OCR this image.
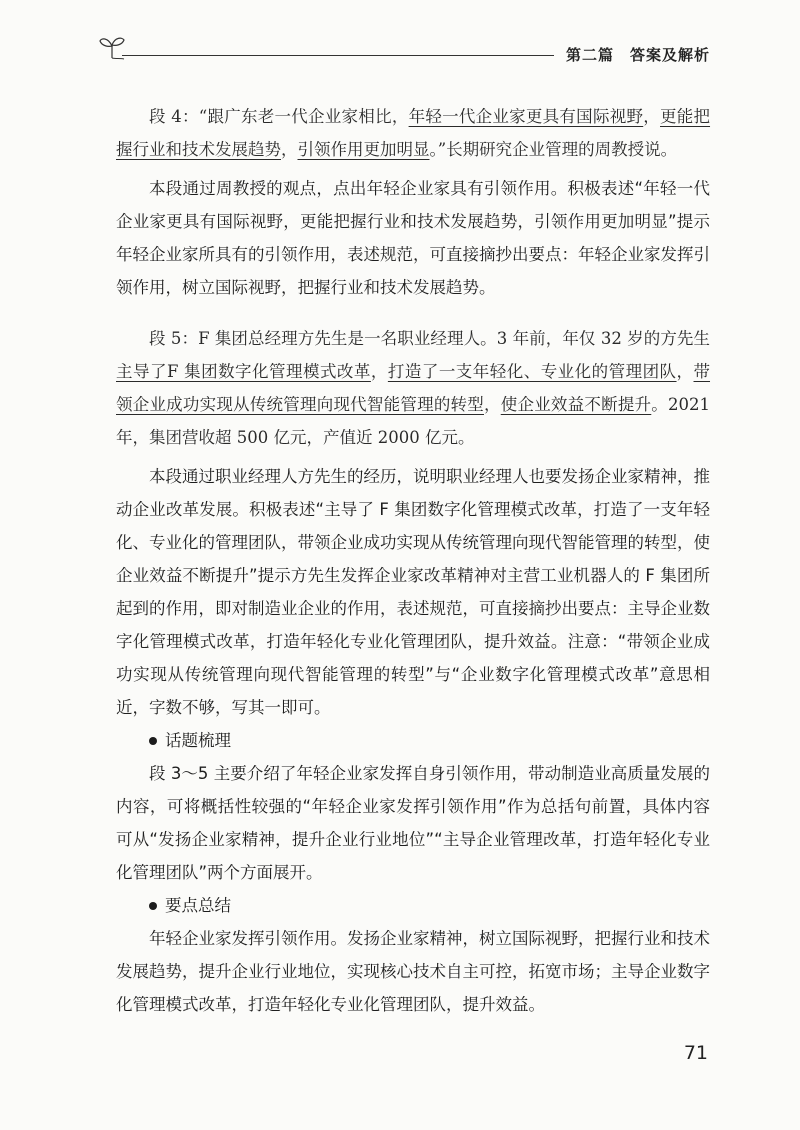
第二篇　答案及解析

段 4：“跟广东老一代企业家相比，年轻一代企业家更具有国际视野，更能把握行业和技术发展趋势，引领作用更加明显。”长期研究企业管理的周教授说。

本段通过周教授的观点，点出年轻企业家具有引领作用。积极表述“年轻一代企业家更具有国际视野，更能把握行业和技术发展趋势，引领作用更加明显”提示年轻企业家所具有的引领作用，表述规范，可直接摘抄出要点：年轻企业家发挥引领作用，树立国际视野，把握行业和技术发展趋势。

段 5：F 集团总经理方先生是一名职业经理人。3 年前，年仅 32 岁的方先生主导了F 集团数字化管理模式改革，打造了一支年轻化、专业化的管理团队，带领企业成功实现从传统管理向现代智能管理的转型，使企业效益不断提升。2021 年，集团营收超 500 亿元，产值近 2000 亿元。

本段通过职业经理人方先生的经历，说明职业经理人也要发扬企业家精神，推动企业改革发展。积极表述“主导了 F 集团数字化管理模式改革，打造了一支年轻化、专业化的管理团队，带领企业成功实现从传统管理向现代智能管理的转型，使企业效益不断提升”提示方先生发挥企业家改革精神对主营工业机器人的 F 集团所起到的作用，即对制造业企业的作用，表述规范，可直接摘抄出要点：主导企业数字化管理模式改革，打造年轻化专业化管理团队，提升效益。注意：“带领企业成功实现从传统管理向现代智能管理的转型”与“企业数字化管理模式改革”意思相近，字数不够，写其一即可。

话题梳理

段 3～5 主要介绍了年轻企业家发挥自身引领作用，带动制造业高质量发展的内容，可将概括性较强的“年轻企业家发挥引领作用”作为总括句前置，具体内容可从“发扬企业家精神，提升企业行业地位”“主导企业管理改革，打造年轻化专业化管理团队”两个方面展开。

要点总结

年轻企业家发挥引领作用。发扬企业家精神，树立国际视野，把握行业和技术发展趋势，提升企业行业地位，实现核心技术自主可控，拓宽市场；主导企业数字化管理模式改革，打造年轻化专业化管理团队，提升效益。

71
